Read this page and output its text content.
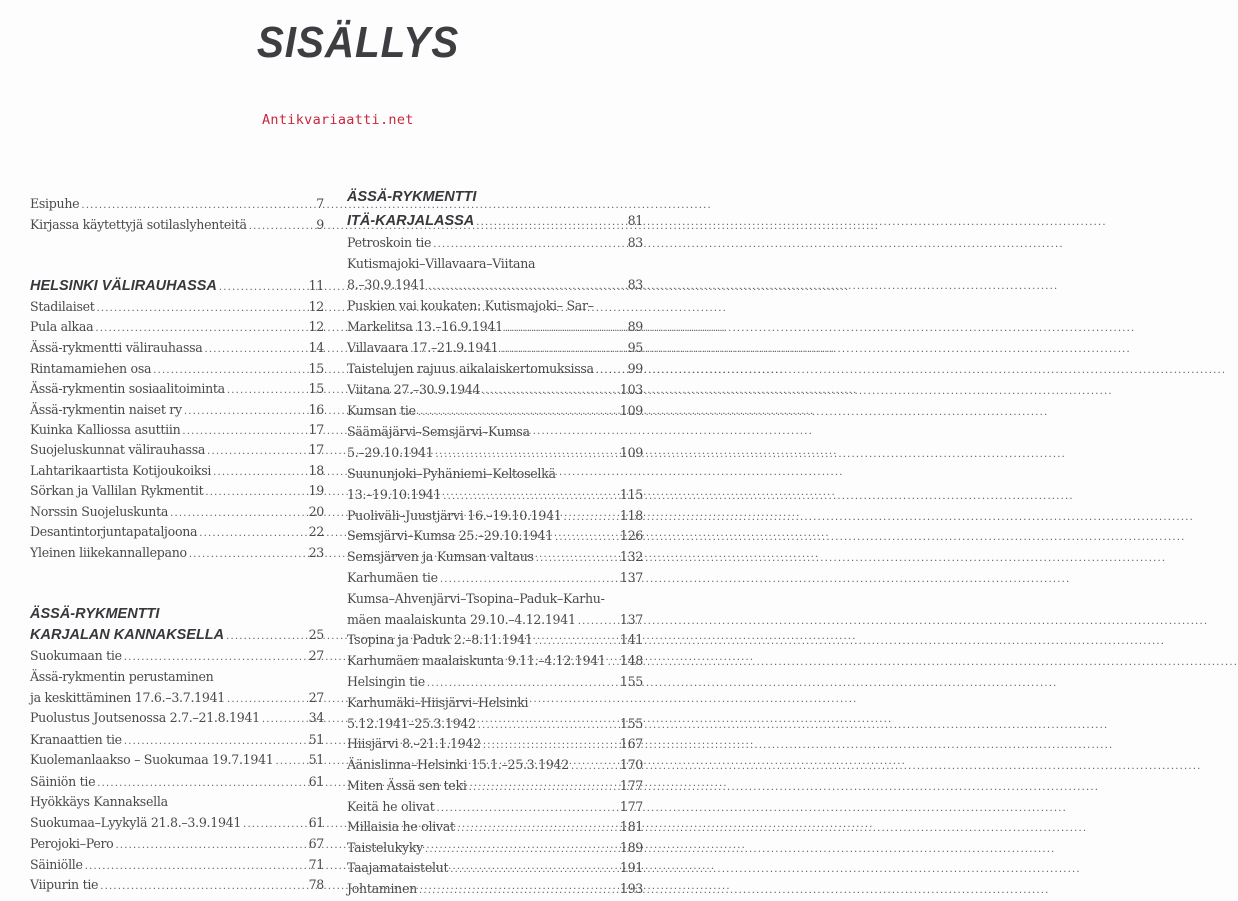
SISÄLLYS
Esipuhe .....	7
Kirjassa käytettyjä sotilaslyhenteitä .....	9
HELSINKI VÄLIRAUHASSA .....	11
Stadilaiset .....	12
Pula alkaa .....	12
Ässä-rykmentti välirauhassa .....	14
Rintamamiehen osa .....	15
Ässä-rykmentin sosiaalitoiminta .....	15
Ässä-rykmentin naiset ry .....	16
Kuinka Kalliossa asuttiin .....	17
Suojeluskunnat välirauhassa .....	17
Lahtarikaartista Kotijoukoiksi .....	18
Sörkan ja Vallilan Rykmentit .....	19
Norssin Suojeluskunta .....	20
Desantintorjuntapataljoona .....	22
Yleinen liikekannallepano .....	23
ÄSSÄ-RYKMENTTI
KARJALAN KANNAKSELLA .....	25
Suokumaan tie .....	27
Ässä-rykmentin perustaminen
ja keskittäminen 17.6.–3.7.1941 .....	27
Puolustus Joutsenossa 2.7.–21.8.1941 .....	34
Kranaattien tie .....	51
Kuolemanlaakso – Suokumaa 19.7.1941 .....	51
Säiniön tie .....	61
Hyökkäys Kannaksella
Suokumaa–Lyykylä 21.8.–3.9.1941 .....	61
Perojoki–Pero .....	67
Säiniölle .....	71
Viipurin tie .....	78
ÄSSÄ-RYKMENTTI
ITÄ-KARJALASSA .....	81
Petroskoin tie .....	83
Kutismajoki–Villavaara–Viitana
8.–30.9.1941 .....	83
Puskien vai koukaten: Kutismajoki– Sar–
Markelitsa 13.–16.9.1941 .....	89
Villavaara 17.–21.9.1941 .....	95
Taistelujen rajuus aikalaiskertomuksissa .....	99
Viitana 27.–30.9.1944 .....	103
Kumsan tie .....	109
Säämäjärvi–Semsjärvi–Kumsa
5.–29.10.1941 .....	109
Suununjoki–Pyhäniemi–Keltoselkä
13.–19.10.1941 .....	115
Puoliväli–Juustjärvi 16.–19.10.1941 .....	118
Semsjärvi–Kumsa 25.–29.10.1941 .....	126
Semsjärven ja Kumsan valtaus .....	132
Karhumäen tie .....	137
Kumsa–Ahvenjärvi–Tsopina–Paduk–Karhu-
mäen maalaiskunta 29.10.–4.12.1941 .....	137
Tsopina ja Paduk 2.–8.11.1941 .....	141
Karhumäen maalaiskunta 9.11.–4.12.1941 ..... 148
Helsingin tie .....	155
Karhumäki–Hiisjärvi–Helsinki
5.12.1941–25.3.1942 .....	155
Hiisjärvi 8.–21.1.1942 .....	167
Äänislinna–Helsinki 15.1.–25.3.1942 .....	170
Miten Ässä sen teki .....	177
Keitä he olivat .....	177
Millaisia he olivat .....	181
Taistelukyky .....	189
Taajamataistelut .....	191
Johtaminen .....	193
Antikvariaatti.net
